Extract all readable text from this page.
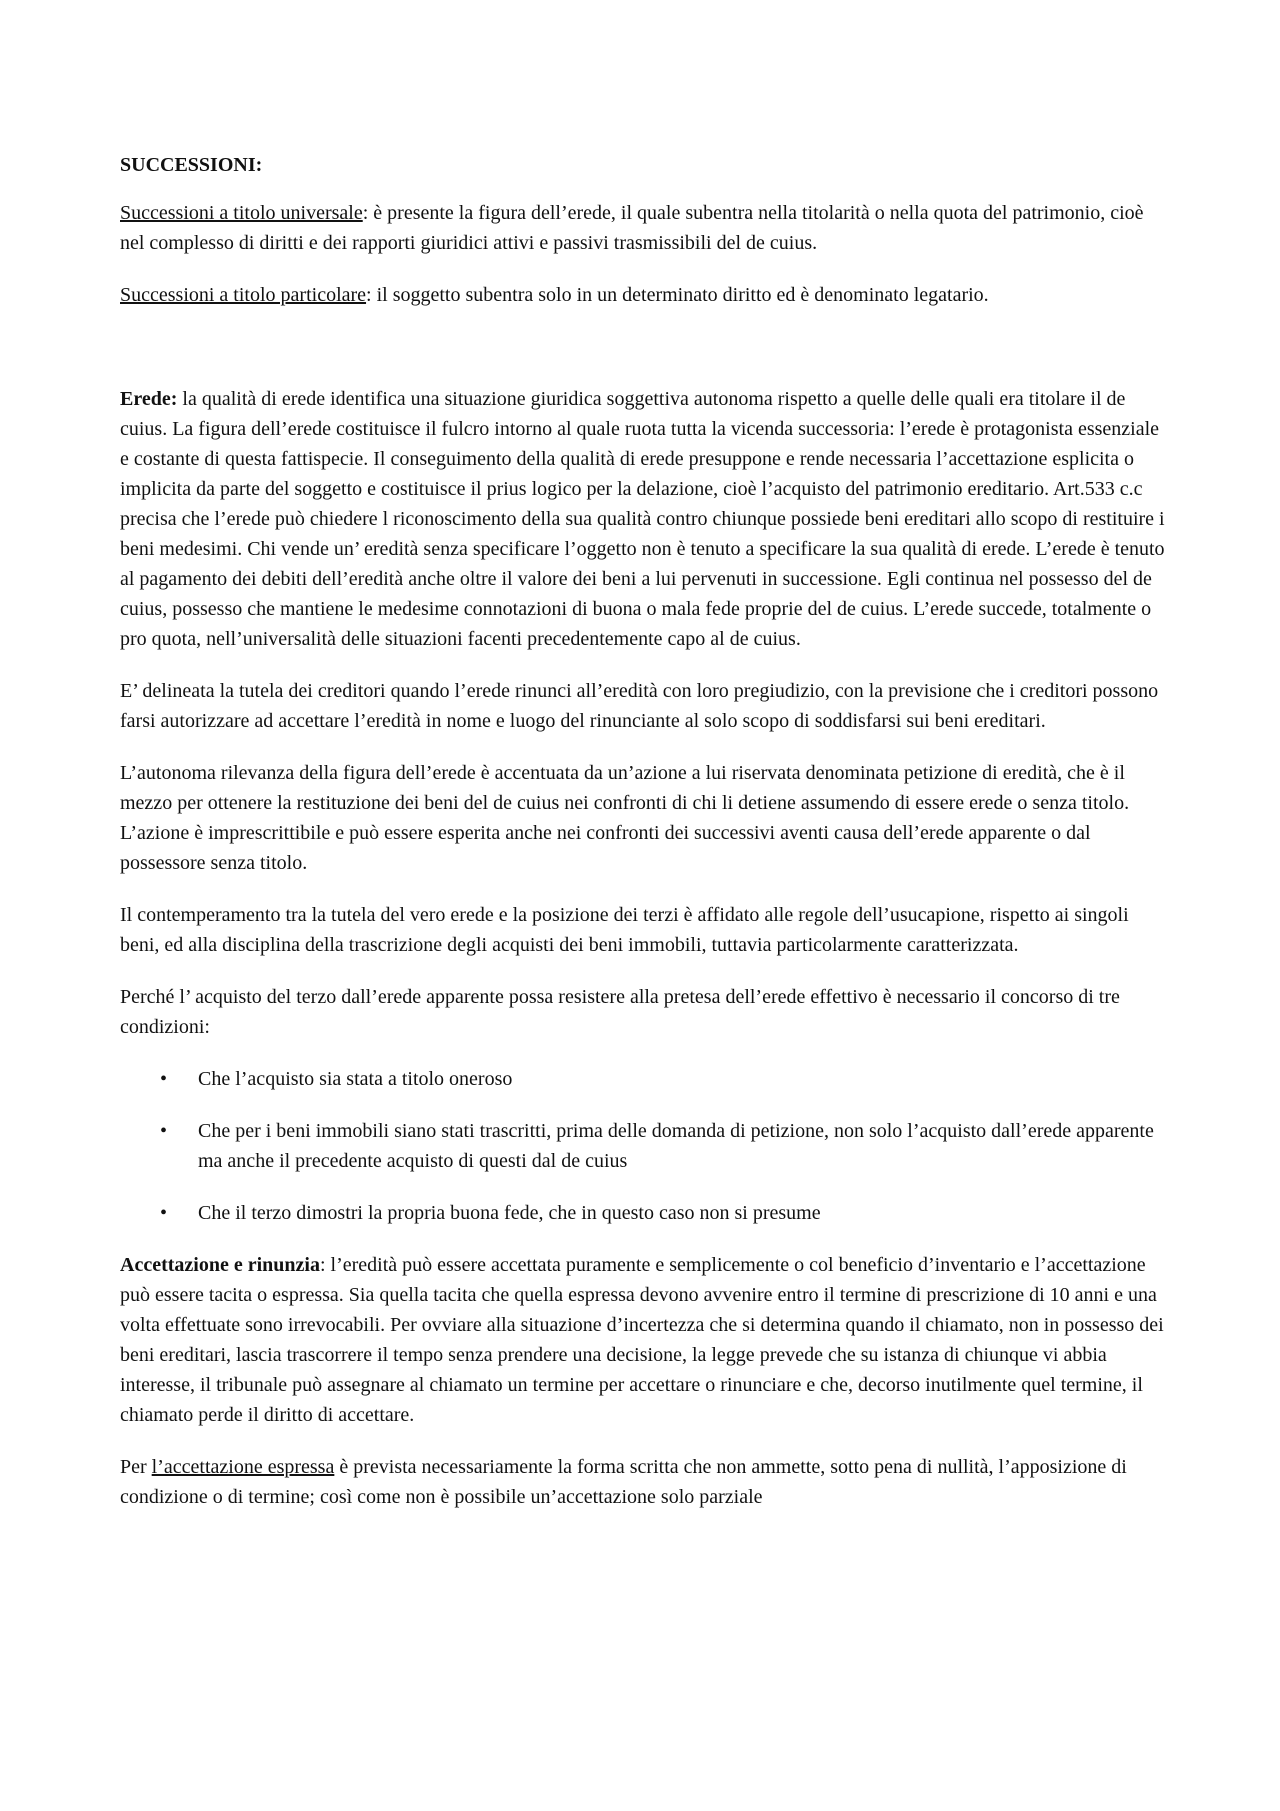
SUCCESSIONI:

Successioni a titolo universale: è presente la figura dell’erede, il quale subentra nella titolarità o nella quota del patrimonio, cioè nel complesso di diritti e dei rapporti giuridici attivi e passivi trasmissibili del de cuius.

Successioni a titolo particolare: il soggetto subentra solo in un determinato diritto ed è denominato legatario.

Erede: la qualità di erede identifica una situazione giuridica soggettiva autonoma rispetto a quelle delle quali era titolare il de cuius. La figura dell’erede costituisce il fulcro intorno al quale ruota tutta la vicenda successoria: l’erede è protagonista essenziale e costante di questa fattispecie. Il conseguimento della qualità di erede presuppone e rende necessaria l’accettazione esplicita o implicita da parte del soggetto e costituisce il prius logico per la delazione, cioè l’acquisto del patrimonio ereditario. Art.533 c.c precisa che l’erede può chiedere l riconoscimento della sua qualità contro chiunque possiede beni ereditari allo scopo di restituire i beni medesimi. Chi vende un’ eredità senza specificare l’oggetto non è tenuto a specificare la sua qualità di erede. L’erede è tenuto al pagamento dei debiti dell’eredità anche oltre il valore dei beni a lui pervenuti in successione. Egli continua nel possesso del de cuius, possesso che mantiene le medesime connotazioni di buona o mala fede proprie del de cuius. L’erede succede, totalmente o pro quota, nell’universalità delle situazioni facenti precedentemente capo al de cuius.

E’ delineata la tutela dei creditori quando l’erede rinunci all’eredità con loro pregiudizio, con la previsione che i creditori possono farsi autorizzare ad accettare l’eredità in nome e luogo del rinunciante al solo scopo di soddisfarsi sui beni ereditari.

L’autonoma rilevanza della figura dell’erede è accentuata da un’azione a lui riservata denominata petizione di eredità, che è il mezzo per ottenere la restituzione dei beni del de cuius nei confronti di chi li detiene assumendo di essere erede o senza titolo. L’azione è imprescrittibile e può essere esperita anche nei confronti dei successivi aventi causa dell’erede apparente o dal possessore senza titolo.

Il contemperamento tra la tutela del vero erede e la posizione dei terzi è affidato alle regole dell’usucapione, rispetto ai singoli beni, ed alla disciplina della trascrizione degli acquisti dei beni immobili, tuttavia particolarmente caratterizzata.

Perché l’ acquisto del terzo dall’erede apparente possa resistere alla pretesa dell’erede effettivo è necessario il concorso di tre condizioni:

• Che l’acquisto sia stata a titolo oneroso
• Che per i beni immobili siano stati trascritti, prima delle domanda di petizione, non solo l’acquisto dall’erede apparente ma anche il precedente acquisto di questi dal de cuius
• Che il terzo dimostri la propria buona fede, che in questo caso non si presume

Accettazione e rinunzia: l’eredità può essere accettata puramente e semplicemente o col beneficio d’inventario e l’accettazione può essere tacita o espressa. Sia quella tacita che quella espressa devono avvenire entro il termine di prescrizione di 10 anni e una volta effettuate sono irrevocabili. Per ovviare alla situazione d’incertezza che si determina quando il chiamato, non in possesso dei beni ereditari, lascia trascorrere il tempo senza prendere una decisione, la legge prevede che su istanza di chiunque vi abbia interesse, il tribunale può assegnare al chiamato un termine per accettare o rinunciare e che, decorso inutilmente quel termine, il chiamato perde il diritto di accettare.

Per l’accettazione espressa è prevista necessariamente la forma scritta che non ammette, sotto pena di nullità, l’apposizione di condizione o di termine; così come non è possibile un’accettazione solo parziale
